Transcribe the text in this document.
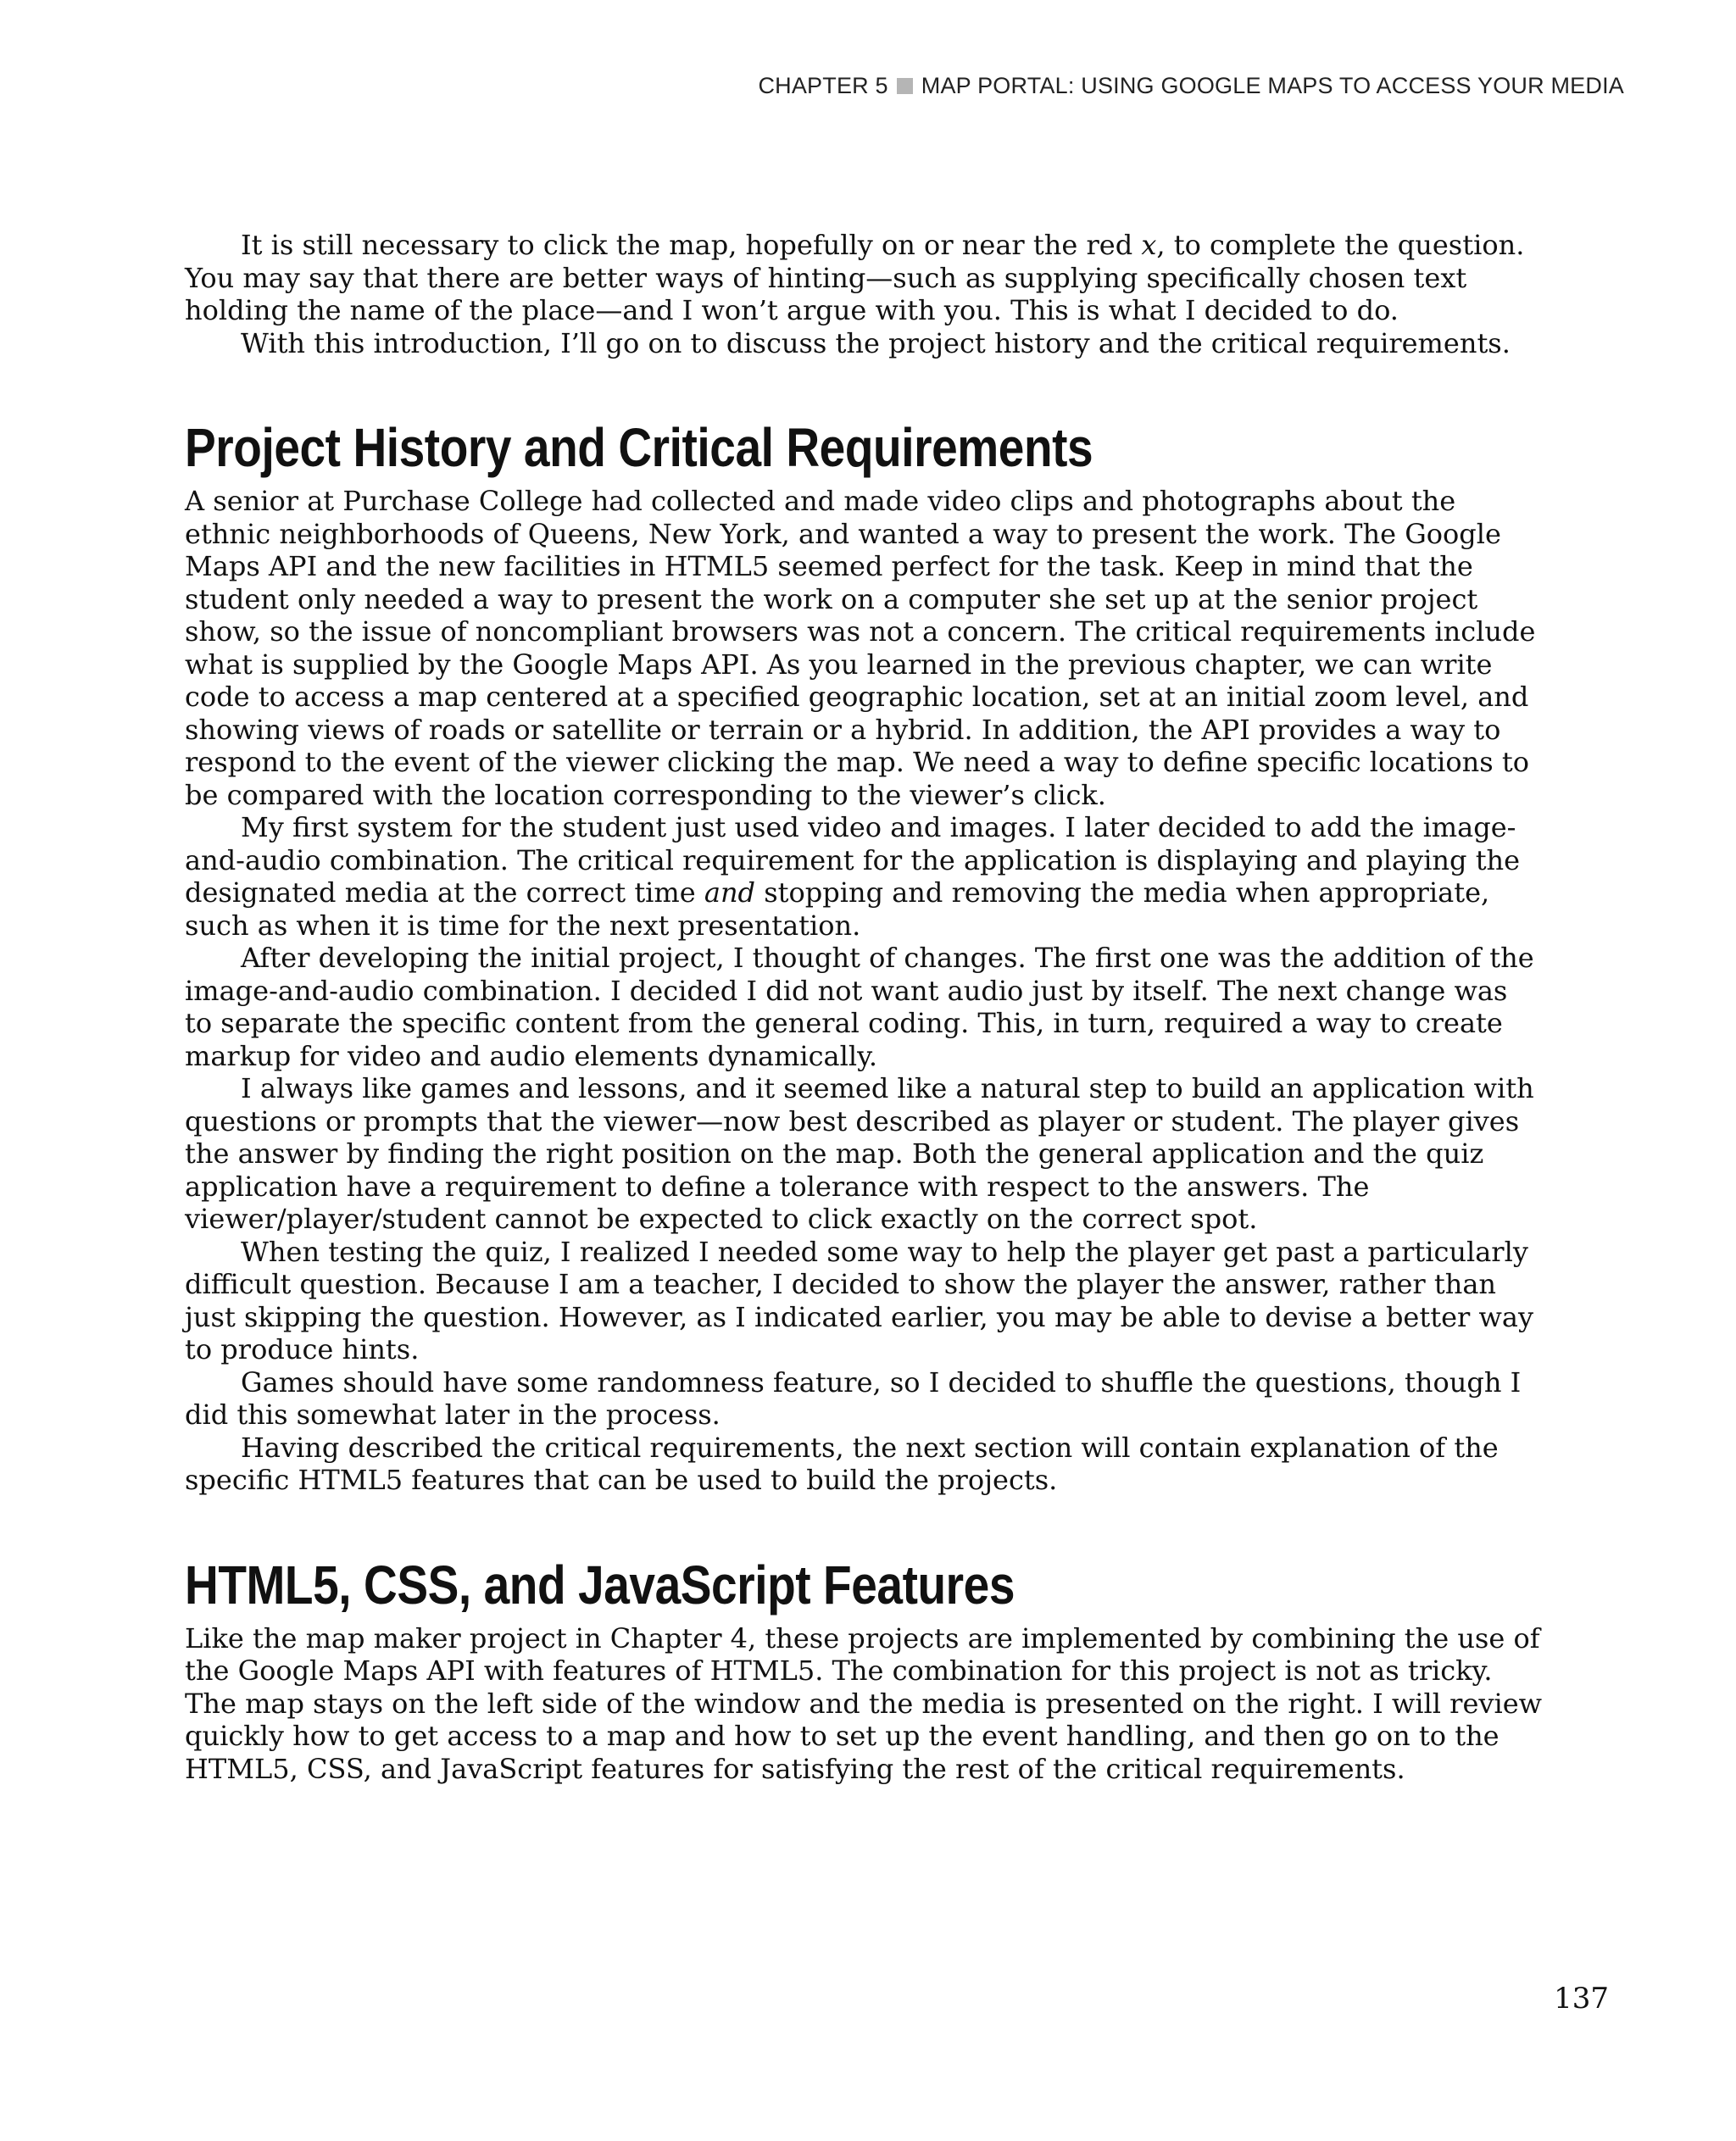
CHAPTER 5 MAP PORTAL: USING GOOGLE MAPS TO ACCESS YOUR MEDIA

It is still necessary to click the map, hopefully on or near the red x, to complete the question. You may say that there are better ways of hinting—such as supplying specifically chosen text holding the name of the place—and I won’t argue with you. This is what I decided to do.

With this introduction, I’ll go on to discuss the project history and the critical requirements.

Project History and Critical Requirements

A senior at Purchase College had collected and made video clips and photographs about the ethnic neighborhoods of Queens, New York, and wanted a way to present the work. The Google Maps API and the new facilities in HTML5 seemed perfect for the task. Keep in mind that the student only needed a way to present the work on a computer she set up at the senior project show, so the issue of noncompliant browsers was not a concern. The critical requirements include what is supplied by the Google Maps API. As you learned in the previous chapter, we can write code to access a map centered at a specified geographic location, set at an initial zoom level, and showing views of roads or satellite or terrain or a hybrid. In addition, the API provides a way to respond to the event of the viewer clicking the map. We need a way to define specific locations to be compared with the location corresponding to the viewer’s click.

My first system for the student just used video and images. I later decided to add the image-and-audio combination. The critical requirement for the application is displaying and playing the designated media at the correct time and stopping and removing the media when appropriate, such as when it is time for the next presentation.

After developing the initial project, I thought of changes. The first one was the addition of the image-and-audio combination. I decided I did not want audio just by itself. The next change was to separate the specific content from the general coding. This, in turn, required a way to create markup for video and audio elements dynamically.

I always like games and lessons, and it seemed like a natural step to build an application with questions or prompts that the viewer—now best described as player or student. The player gives the answer by finding the right position on the map. Both the general application and the quiz application have a requirement to define a tolerance with respect to the answers. The viewer/player/student cannot be expected to click exactly on the correct spot.

When testing the quiz, I realized I needed some way to help the player get past a particularly difficult question. Because I am a teacher, I decided to show the player the answer, rather than just skipping the question. However, as I indicated earlier, you may be able to devise a better way to produce hints.

Games should have some randomness feature, so I decided to shuffle the questions, though I did this somewhat later in the process.

Having described the critical requirements, the next section will contain explanation of the specific HTML5 features that can be used to build the projects.

HTML5, CSS, and JavaScript Features

Like the map maker project in Chapter 4, these projects are implemented by combining the use of the Google Maps API with features of HTML5. The combination for this project is not as tricky. The map stays on the left side of the window and the media is presented on the right. I will review quickly how to get access to a map and how to set up the event handling, and then go on to the HTML5, CSS, and JavaScript features for satisfying the rest of the critical requirements.

137
